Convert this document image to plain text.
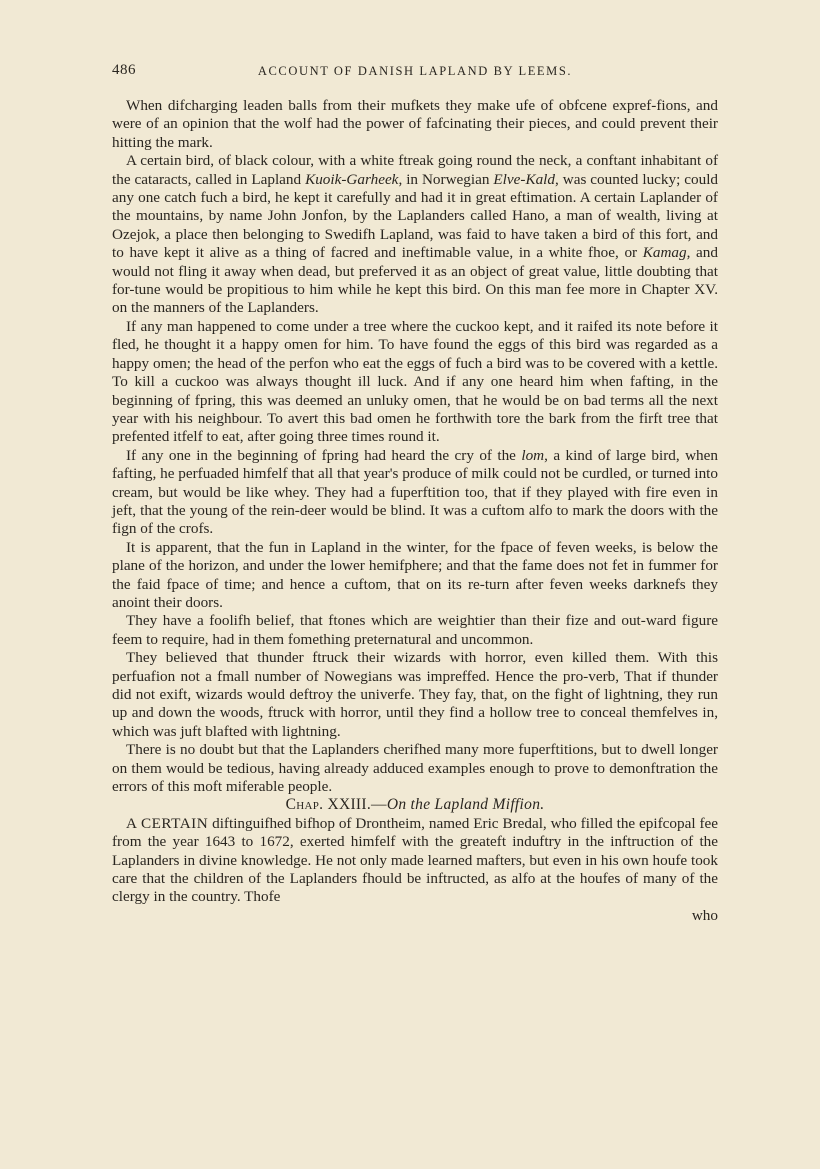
486	ACCOUNT OF DANISH LAPLAND BY LEEMS.

When difcharging leaden balls from their mufkets they make ufe of obfcene expref-fions, and were of an opinion that the wolf had the power of fafcinating their pieces, and could prevent their hitting the mark.

A certain bird, of black colour, with a white ftreak going round the neck, a conftant inhabitant of the cataracts, called in Lapland Kuoik-Garheek, in Norwegian Elve-Kald, was counted lucky; could any one catch fuch a bird, he kept it carefully and had it in great eftimation. A certain Laplander of the mountains, by name John Jonfon, by the Laplanders called Hano, a man of wealth, living at Ozejok, a place then belonging to Swedifh Lapland, was faid to have taken a bird of this fort, and to have kept it alive as a thing of facred and ineftimable value, in a white fhoe, or Kamag, and would not fling it away when dead, but preferved it as an object of great value, little doubting that for-tune would be propitious to him while he kept this bird. On this man fee more in Chapter XV. on the manners of the Laplanders.

If any man happened to come under a tree where the cuckoo kept, and it raifed its note before it fled, he thought it a happy omen for him. To have found the eggs of this bird was regarded as a happy omen; the head of the perfon who eat the eggs of fuch a bird was to be covered with a kettle. To kill a cuckoo was always thought ill luck. And if any one heard him when fafting, in the beginning of fpring, this was deemed an unluky omen, that he would be on bad terms all the next year with his neighbour. To avert this bad omen he forthwith tore the bark from the firft tree that prefented itfelf to eat, after going three times round it.

If any one in the beginning of fpring had heard the cry of the lom, a kind of large bird, when fafting, he perfuaded himfelf that all that year's produce of milk could not be curdled, or turned into cream, but would be like whey. They had a fuperftition too, that if they played with fire even in jeft, that the young of the rein-deer would be blind. It was a cuftom alfo to mark the doors with the fign of the crofs.

It is apparent, that the fun in Lapland in the winter, for the fpace of feven weeks, is below the plane of the horizon, and under the lower hemifphere; and that the fame does not fet in fummer for the faid fpace of time; and hence a cuftom, that on its re-turn after feven weeks darknefs they anoint their doors.

They have a foolifh belief, that ftones which are weightier than their fize and out-ward figure feem to require, had in them fomething preternatural and uncommon.

They believed that thunder ftruck their wizards with horror, even killed them. With this perfuafion not a fmall number of Nowegians was impreffed. Hence the pro-verb, That if thunder did not exift, wizards would deftroy the univerfe. They fay, that, on the fight of lightning, they run up and down the woods, ftruck with horror, until they find a hollow tree to conceal themfelves in, which was juft blafted with lightning.

There is no doubt but that the Laplanders cherifhed many more fuperftitions, but to dwell longer on them would be tedious, having already adduced examples enough to prove to demonftration the errors of this moft miferable people.

Chap. XXIII.—On the Lapland Miffion.

A CERTAIN diftinguifhed bifhop of Drontheim, named Eric Bredal, who filled the epifcopal fee from the year 1643 to 1672, exerted himfelf with the greateft induftry in the inftruction of the Laplanders in divine knowledge. He not only made learned mafters, but even in his own houfe took care that the children of the Laplanders fhould be inftructed, as alfo at the houfes of many of the clergy in the country. Thofe

who
